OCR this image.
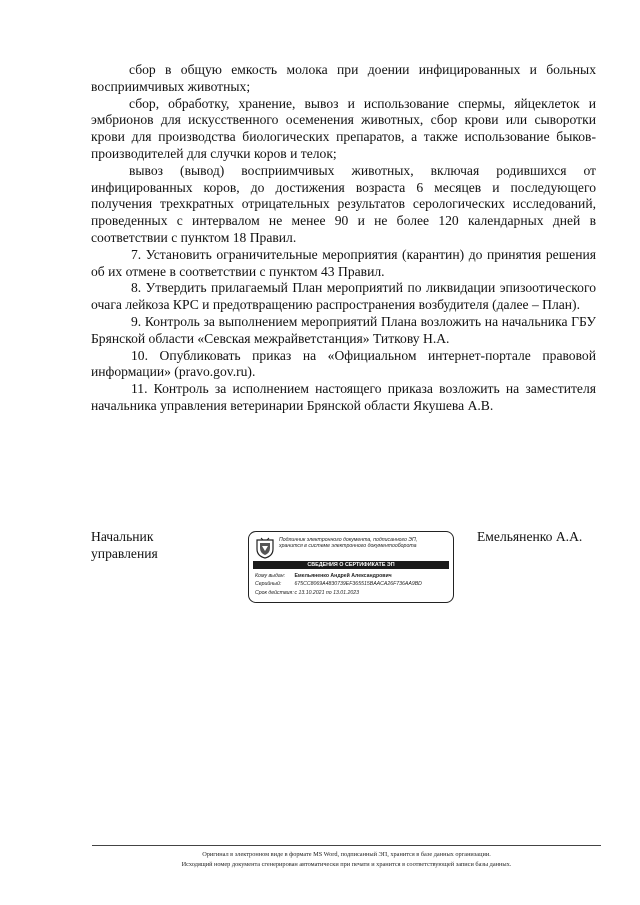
сбор в общую емкость молока при доении инфицированных и больных восприимчивых животных;

сбор, обработку, хранение, вывоз и использование спермы, яйцеклеток и эмбрионов для искусственного осеменения животных, сбор крови или сыворотки крови для производства биологических препаратов, а также использование быков-производителей для случки коров и телок;

вывоз (вывод) восприимчивых животных, включая родившихся от инфицированных коров, до достижения возраста 6 месяцев и последующего получения трехкратных отрицательных результатов серологических исследований, проведенных с интервалом не менее 90 и не более 120 календарных дней в соответствии с пунктом 18 Правил.

7. Установить ограничительные мероприятия (карантин) до принятия решения об их отмене в соответствии с пунктом 43 Правил.

8. Утвердить прилагаемый План мероприятий по ликвидации эпизоотического очага лейкоза КРС и предотвращению распространения возбудителя (далее – План).

9. Контроль за выполнением мероприятий Плана возложить на начальника ГБУ Брянской области «Севская межрайветстанция» Титкову Н.А.

10. Опубликовать приказ на «Официальном интернет-портале правовой информации» (pravo.gov.ru).

11. Контроль за исполнением настоящего приказа возложить на заместителя начальника управления ветеринарии Брянской области Якушева А.В.

Начальник
управления
Подлинник электронного документа, подписанного ЭП,
хранится в системе электронного документооборота
СВЕДЕНИЯ О СЕРТИФИКАТЕ ЭП
Кому выдан: Емельяненко Андрей Александрович
Серийный:	675CC8069A4830739EF365515BAACA26F736AA9BD
Срок действия: с 13.10.2021 по 13.01.2023
Емельяненко А.А.
Оригинал в электронном виде в формате MS Word, подписанный ЭП, хранится в базе данных организации.
Исходящий номер документа сгенерирован автоматически при печати и хранится в соответствующей записи базы данных.
